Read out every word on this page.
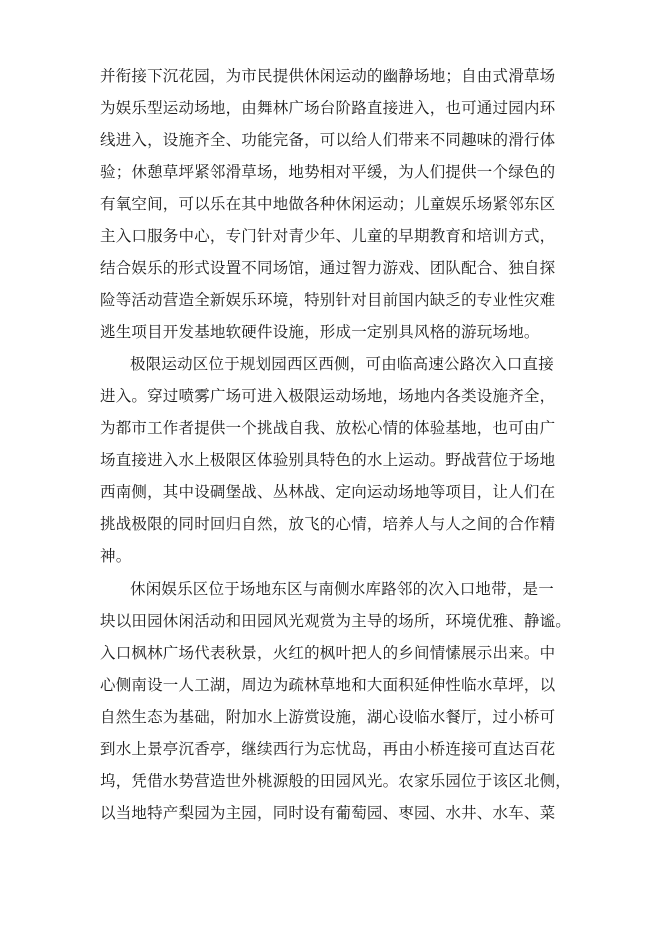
并衔接下沉花园，为市民提供休闲运动的幽静场地；自由式滑草场
为娱乐型运动场地，由舞林广场台阶路直接进入，也可通过园内环
线进入，设施齐全、功能完备，可以给人们带来不同趣味的滑行体
验；休憩草坪紧邻滑草场，地势相对平缓，为人们提供一个绿色的
有氧空间，可以乐在其中地做各种休闲运动；儿童娱乐场紧邻东区
主入口服务中心，专门针对青少年、儿童的早期教育和培训方式，
结合娱乐的形式设置不同场馆，通过智力游戏、团队配合、独自探
险等活动营造全新娱乐环境，特别针对目前国内缺乏的专业性灾难
逃生项目开发基地软硬件设施，形成一定别具风格的游玩场地。
极限运动区位于规划园西区西侧，可由临高速公路次入口直接
进入。穿过喷雾广场可进入极限运动场地，场地内各类设施齐全，
为都市工作者提供一个挑战自我、放松心情的体验基地，也可由广
场直接进入水上极限区体验别具特色的水上运动。野战营位于场地
西南侧，其中设碉堡战、丛林战、定向运动场地等项目，让人们在
挑战极限的同时回归自然，放飞的心情，培养人与人之间的合作精
神。
休闲娱乐区位于场地东区与南侧水库路邻的次入口地带，是一
块以田园休闲活动和田园风光观赏为主导的场所，环境优雅、静谧。
入口枫林广场代表秋景，火红的枫叶把人的乡间情愫展示出来。中
心侧南设一人工湖，周边为疏林草地和大面积延伸性临水草坪，以
自然生态为基础，附加水上游赏设施，湖心设临水餐厅，过小桥可
到水上景亭沉香亭，继续西行为忘忧岛，再由小桥连接可直达百花
坞，凭借水势营造世外桃源般的田园风光。农家乐园位于该区北侧，
以当地特产梨园为主园，同时设有葡萄园、枣园、水井、水车、菜
